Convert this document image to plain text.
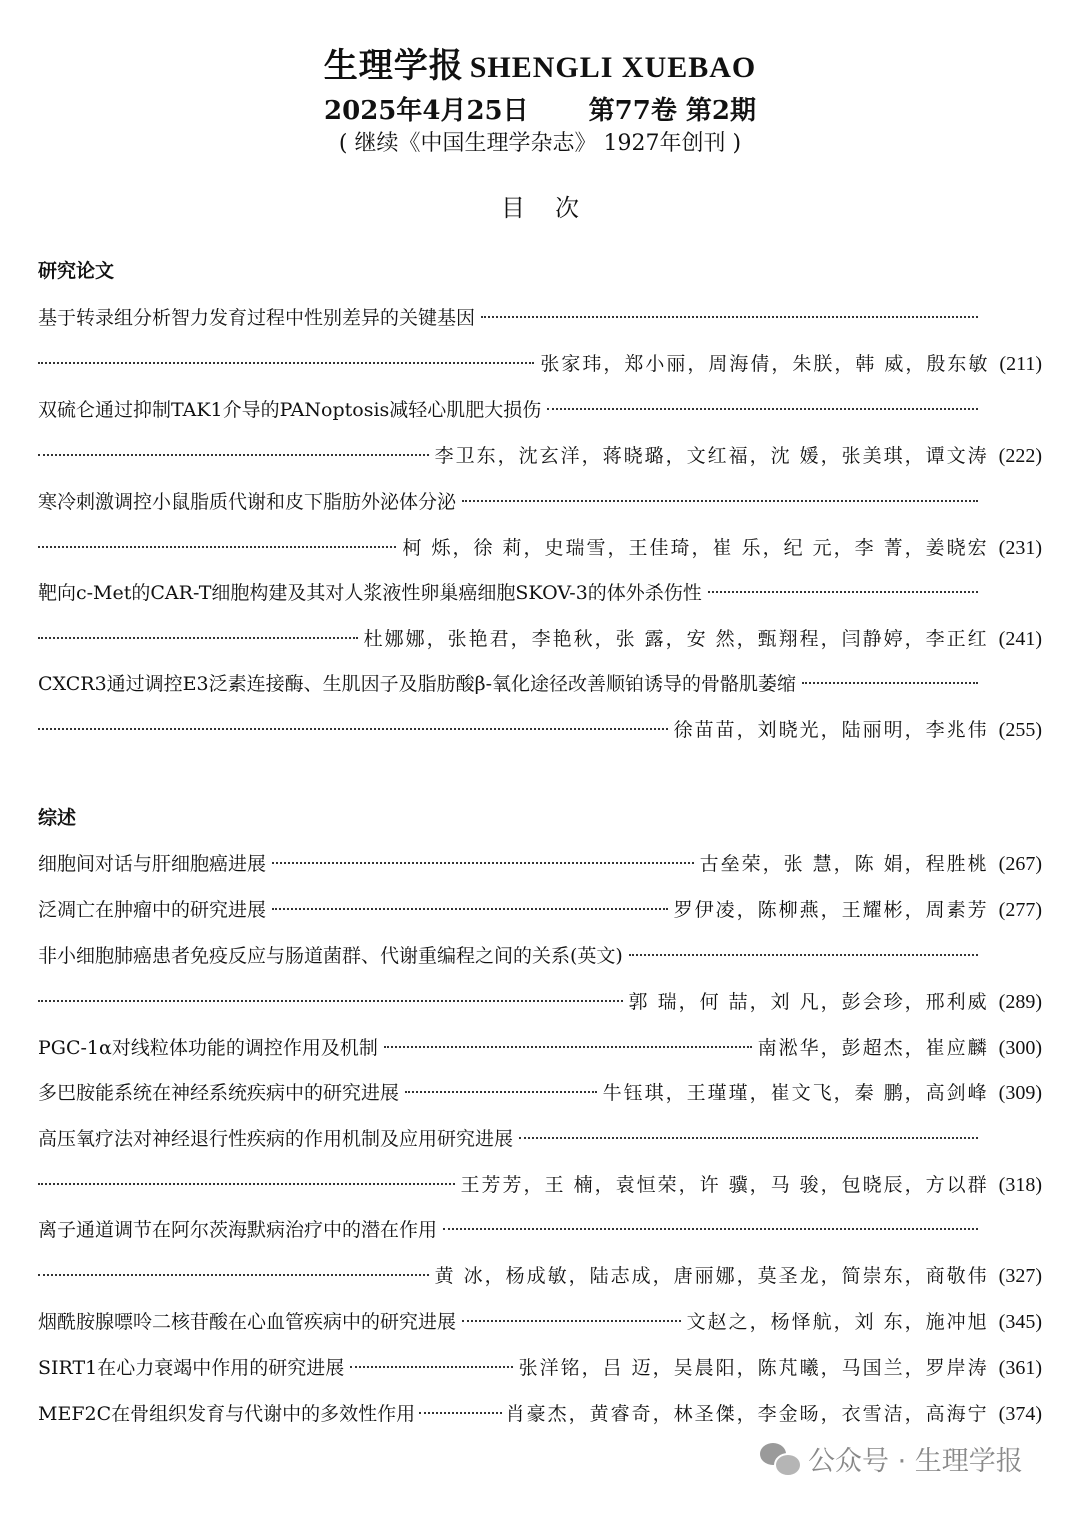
生理学报 SHENGLI XUEBAO
2025年4月25日 第77卷 第2期
( 继续《中国生理学杂志》 1927年创刊 )
目次
研究论文
基于转录组分析智力发育过程中性别差异的关键基因
张家玮，郑小丽，周海倩，朱朕，韩 威，殷东敏 (211)
双硫仑通过抑制TAK1介导的PANoptosis减轻心肌肥大损伤
李卫东，沈玄洋，蒋晓璐，文红福，沈 媛，张美琪，谭文涛 (222)
寒冷刺激调控小鼠脂质代谢和皮下脂肪外泌体分泌
柯 烁，徐 莉，史瑞雪，王佳琦，崔 乐，纪 元，李 菁，姜晓宏 (231)
靶向c-Met的CAR-T细胞构建及其对人浆液性卵巢癌细胞SKOV-3的体外杀伤性
杜娜娜，张艳君，李艳秋，张 露，安 然，甄翔程，闫静婷，李正红 (241)
CXCR3通过调控E3泛素连接酶、生肌因子及脂肪酸β-氧化途径改善顺铂诱导的骨骼肌萎缩
徐苗苗，刘晓光，陆丽明，李兆伟 (255)
综述
细胞间对话与肝细胞癌进展	古垒荣，张 慧，陈 娟，程胜桃 (267)
泛凋亡在肿瘤中的研究进展	罗伊凌，陈柳燕，王耀彬，周素芳 (277)
非小细胞肺癌患者免疫反应与肠道菌群、代谢重编程之间的关系(英文)
郭 瑞，何 喆，刘 凡，彭会珍，邢利威 (289)
PGC-1α对线粒体功能的调控作用及机制	南淞华，彭超杰，崔应麟 (300)
多巴胺能系统在神经系统疾病中的研究进展	牛钰琪，王瑾瑾，崔文飞，秦 鹏，高剑峰 (309)
高压氧疗法对神经退行性疾病的作用机制及应用研究进展
王芳芳，王 楠，袁恒荣，许 骥，马 骏，包晓辰，方以群 (318)
离子通道调节在阿尔茨海默病治疗中的潜在作用
黄 冰，杨成敏，陆志成，唐丽娜，莫圣龙，简崇东，商敬伟 (327)
烟酰胺腺嘌呤二核苷酸在心血管疾病中的研究进展	文赵之，杨怿航，刘 东，施冲旭 (345)
SIRT1在心力衰竭中作用的研究进展	张洋铭，吕 迈，吴晨阳，陈芃曦，马国兰，罗岸涛 (361)
MEF2C在骨组织发育与代谢中的多效性作用	肖豪杰，黄睿奇，林圣傑，李金旸，衣雪洁，高海宁 (374)
公众号 · 生理学报
